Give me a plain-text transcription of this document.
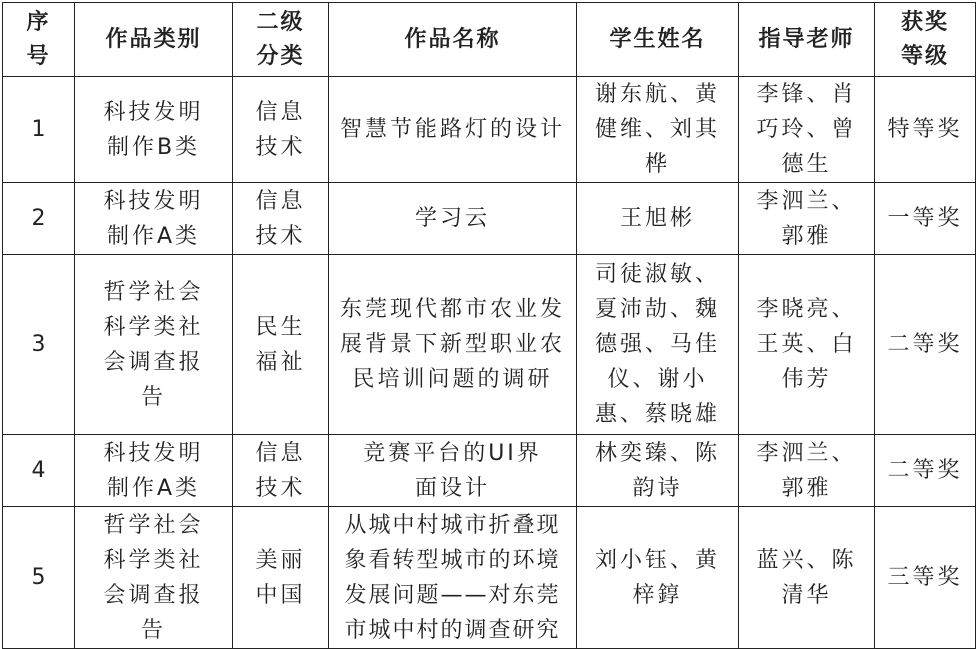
序号	作品类别	二级分类	作品名称	学生姓名	指导老师	获奖等级
1	科技发明制作B类	信息技术	智慧节能路灯的设计	谢东航、黄健维、刘其桦	李锋、肖巧玲、曾德生	特等奖
2	科技发明制作A类	信息技术	学习云	王旭彬	李泗兰、郭雅	一等奖
3	哲学社会科学类社会调查报告	民生福祉	东莞现代都市农业发展背景下新型职业农民培训问题的调研	司徒淑敏、夏沛劼、魏德强、马佳仪、谢小惠、蔡晓雄	李晓亮、王英、白伟芳	二等奖
4	科技发明制作A类	信息技术	竞赛平台的UI界面设计	林奕臻、陈韵诗	李泗兰、郭雅	二等奖
5	哲学社会科学类社会调查报告	美丽中国	从城中村城市折叠现象看转型城市的环境发展问题——对东莞市城中村的调查研究	刘小钰、黄梓錞	蓝兴、陈清华	三等奖
